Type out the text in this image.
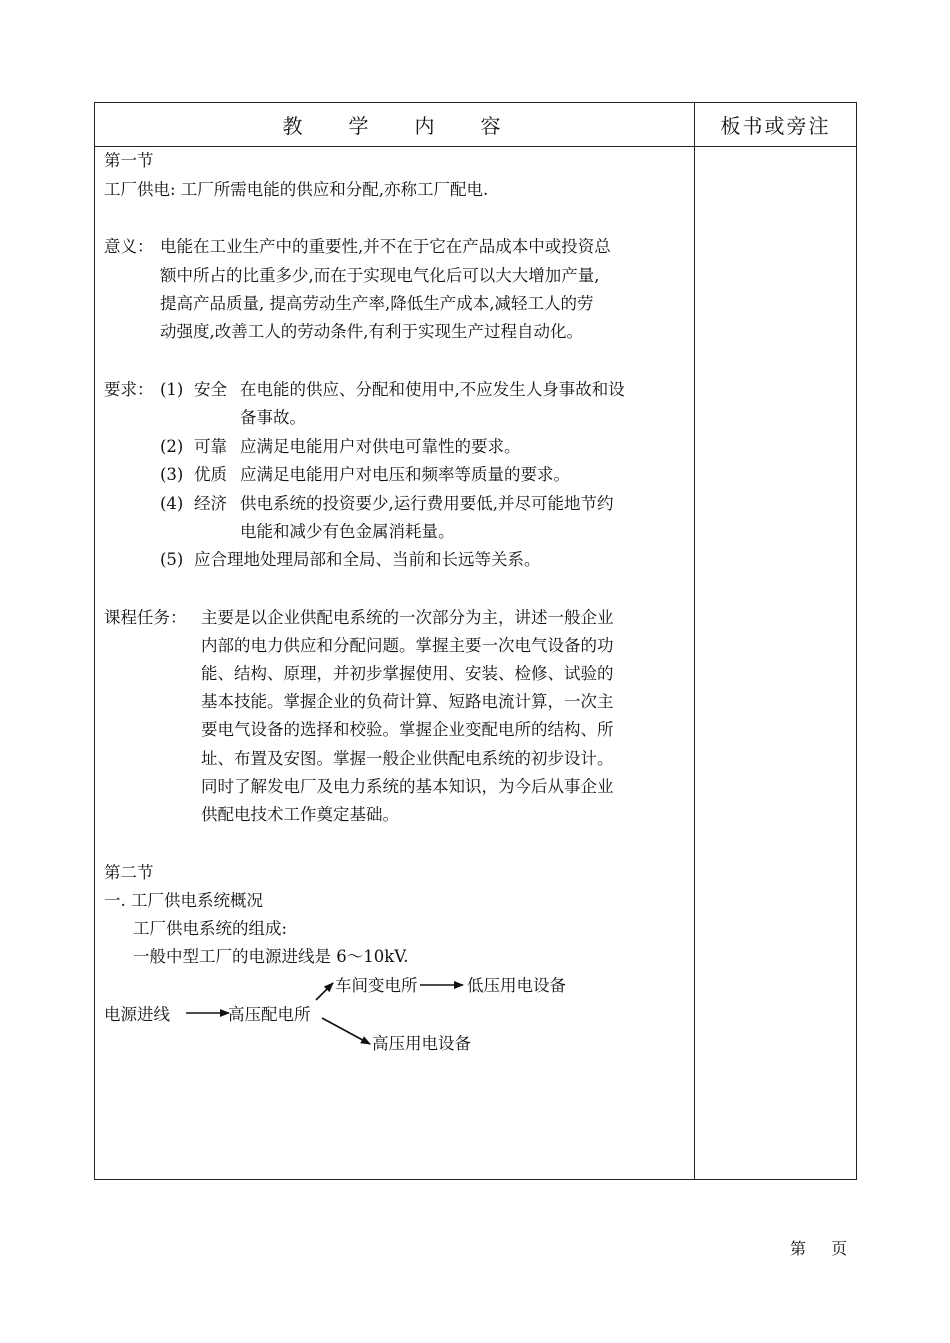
教学内容	板书或旁注
第一节
工厂供电: 工厂所需电能的供应和分配,亦称工厂配电.
意义： 电能在工业生产中的重要性,并不在于它在产品成本中或投资总
额中所占的比重多少,而在于实现电气化后可以大大增加产量,
提高产品质量, 提高劳动生产率,降低生产成本,减轻工人的劳
动强度,改善工人的劳动条件,有利于实现生产过程自动化。
要求： (1) 安全 在电能的供应、分配和使用中,不应发生人身事故和设
备事故。
(2) 可靠 应满足电能用户对供电可靠性的要求。
(3) 优质 应满足电能用户对电压和频率等质量的要求。
(4) 经济 供电系统的投资要少,运行费用要低,并尽可能地节约
电能和减少有色金属消耗量。
(5) 应合理地处理局部和全局、当前和长远等关系。
课程任务： 主要是以企业供配电系统的一次部分为主，讲述一般企业
内部的电力供应和分配问题。掌握主要一次电气设备的功
能、结构、原理，并初步掌握使用、安装、检修、试验的
基本技能。掌握企业的负荷计算、短路电流计算，一次主
要电气设备的选择和校验。掌握企业变配电所的结构、所
址、布置及安图。掌握一般企业供配电系统的初步设计。
同时了解发电厂及电力系统的基本知识，为今后从事企业
供配电技术工作奠定基础。
第二节
一. 工厂供电系统概况
工厂供电系统的组成:
一般中型工厂的电源进线是 6～10kV.
电源进线	高压配电所
车间变电所	低压用电设备
高压用电设备
第 页
